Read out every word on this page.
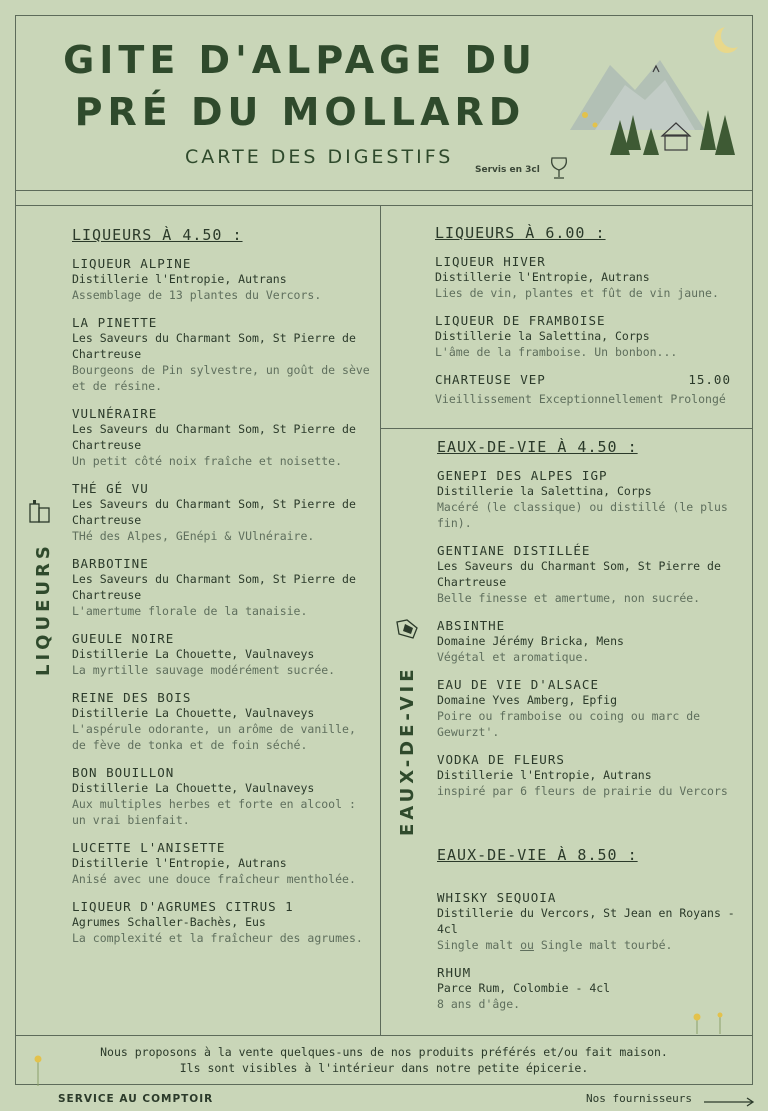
GITE D'ALPAGE DU
PRÉ DU MOLLARD
CARTE DES DIGESTIFS
Servis en 3cl
LIQUEURS À 4.50 :
LIQUEUR ALPINE
Distillerie l'Entropie, Autrans
Assemblage de 13 plantes du Vercors.
LA PINETTE
Les Saveurs du Charmant Som, St Pierre de Chartreuse
Bourgeons de Pin sylvestre, un goût de sève et de résine.
VULNÉRAIRE
Les Saveurs du Charmant Som, St Pierre de Chartreuse
Un petit côté noix fraîche et noisette.
THÉ GÉ VU
Les Saveurs du Charmant Som, St Pierre de Chartreuse
THé des Alpes, GEnépi & VUlnéraire.
BARBOTINE
Les Saveurs du Charmant Som, St Pierre de Chartreuse
L'amertume florale de la tanaisie.
GUEULE NOIRE
Distillerie La Chouette, Vaulnaveys
La myrtille sauvage modérément sucrée.
REINE DES BOIS
Distillerie La Chouette, Vaulnaveys
L'aspérule odorante, un arôme de vanille, de fève de tonka et de foin séché.
BON BOUILLON
Distillerie La Chouette, Vaulnaveys
Aux multiples herbes et forte en alcool : un vrai bienfait.
LUCETTE L'ANISETTE
Distillerie l'Entropie, Autrans
Anisé avec une douce fraîcheur mentholée.
LIQUEUR D'AGRUMES CITRUS 1
Agrumes Schaller-Bachès, Eus
La complexité et la fraîcheur des agrumes.
LIQUEURS À 6.00 :
LIQUEUR HIVER
Distillerie l'Entropie, Autrans
Lies de vin, plantes et fût de vin jaune.
LIQUEUR DE FRAMBOISE
Distillerie la Salettina, Corps
L'âme de la framboise. Un bonbon...
CHARTEUSE VEP	15.00
Vieillissement Exceptionnellement Prolongé
EAUX-DE-VIE À 4.50 :
GENEPI DES ALPES IGP
Distillerie la Salettina, Corps
Macéré (le classique) ou distillé (le plus fin).
GENTIANE DISTILLÉE
Les Saveurs du Charmant Som, St Pierre de Chartreuse
Belle finesse et amertume, non sucrée.
ABSINTHE
Domaine Jérémy Bricka, Mens
Végétal et aromatique.
EAU DE VIE D'ALSACE
Domaine Yves Amberg, Epfig
Poire ou framboise ou coing ou marc de Gewurzt'.
VODKA DE FLEURS
Distillerie l'Entropie, Autrans
inspiré par 6 fleurs de prairie du Vercors
EAUX-DE-VIE À 8.50 :
WHISKY SEQUOIA
Distillerie du Vercors, St Jean en Royans - 4cl
Single malt ou Single malt tourbé.
RHUM
Parce Rum, Colombie - 4cl
8 ans d'âge.
LIQUEURS
EAUX-DE-VIE
Nous proposons à la vente quelques-uns de nos produits préférés et/ou fait maison.
Ils sont visibles à l'intérieur dans notre petite épicerie.
SERVICE AU COMPTOIR	Nos fournisseurs
